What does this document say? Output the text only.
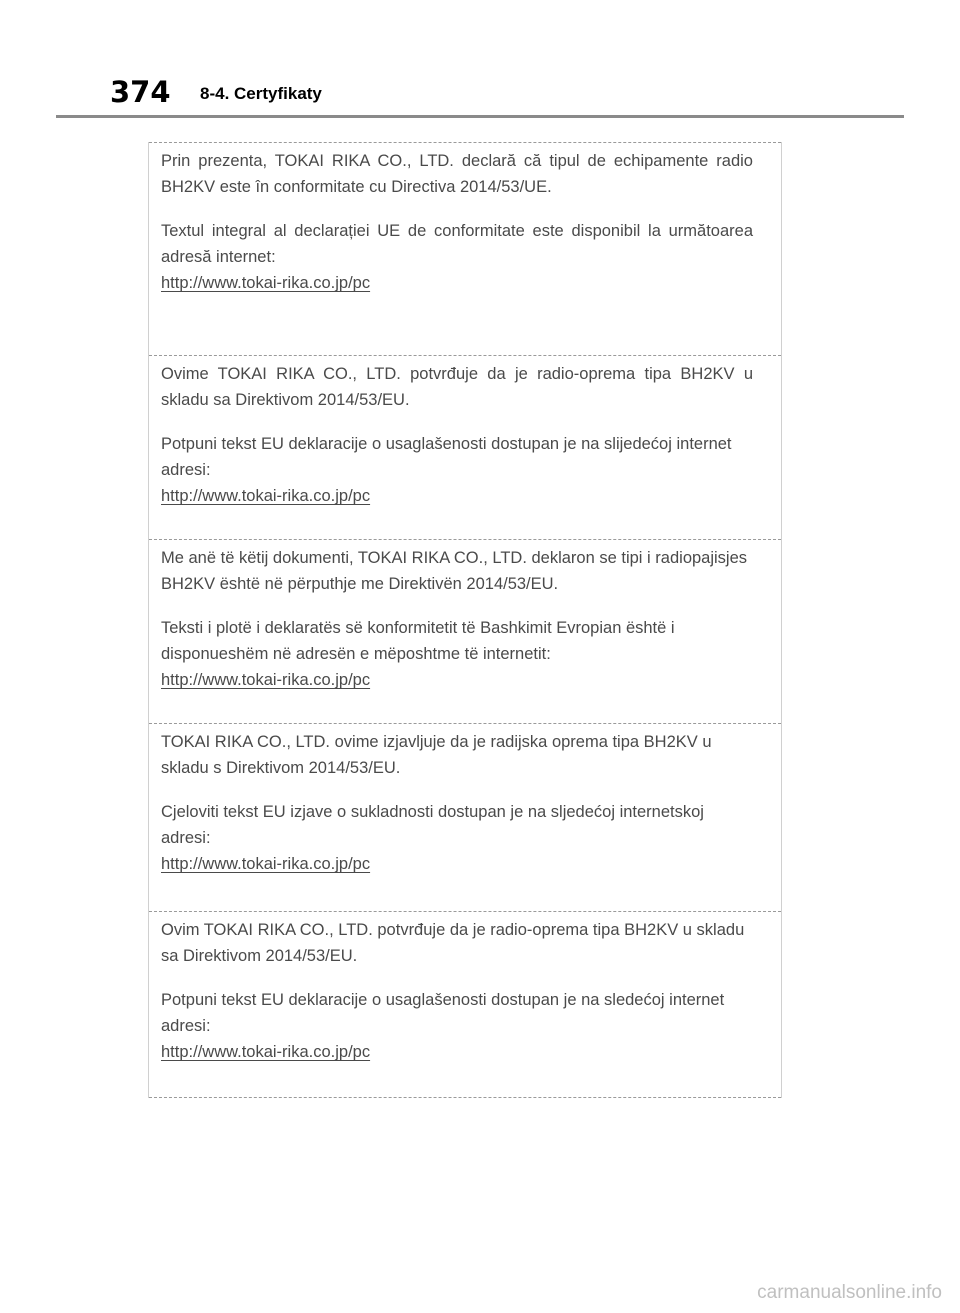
374 8-4. Certyfikaty

Prin prezenta, TOKAI RIKA CO., LTD. declară că tipul de echipamente radio BH2KV este în conformitate cu Directiva 2014/53/UE.

Textul integral al declarației UE de conformitate este disponibil la următoarea adresă internet:

http://www.tokai-rika.co.jp/pc

Ovime TOKAI RIKA CO., LTD. potvrđuje da je radio-oprema tipa BH2KV u skladu sa Direktivom 2014/53/EU.

Potpuni tekst EU deklaracije o usaglašenosti dostupan je na slijedećoj internet adresi:

http://www.tokai-rika.co.jp/pc

Me anë të këtij dokumenti, TOKAI RIKA CO., LTD. deklaron se tipi i radiopajisjes BH2KV është në përputhje me Direktivën 2014/53/EU.

Teksti i plotë i deklaratës së konformitetit të Bashkimit Evropian është i disponueshëm në adresën e mëposhtme të internetit:

http://www.tokai-rika.co.jp/pc

TOKAI RIKA CO., LTD. ovime izjavljuje da je radijska oprema tipa BH2KV u skladu s Direktivom 2014/53/EU.

Cjeloviti tekst EU izjave o sukladnosti dostupan je na sljedećoj internetskoj adresi:

http://www.tokai-rika.co.jp/pc

Ovim TOKAI RIKA CO., LTD. potvrđuje da je radio-oprema tipa BH2KV u skladu sa Direktivom 2014/53/EU.

Potpuni tekst EU deklaracije o usaglašenosti dostupan je na sledećoj internet adresi:

http://www.tokai-rika.co.jp/pc
carmanualsonline.info
